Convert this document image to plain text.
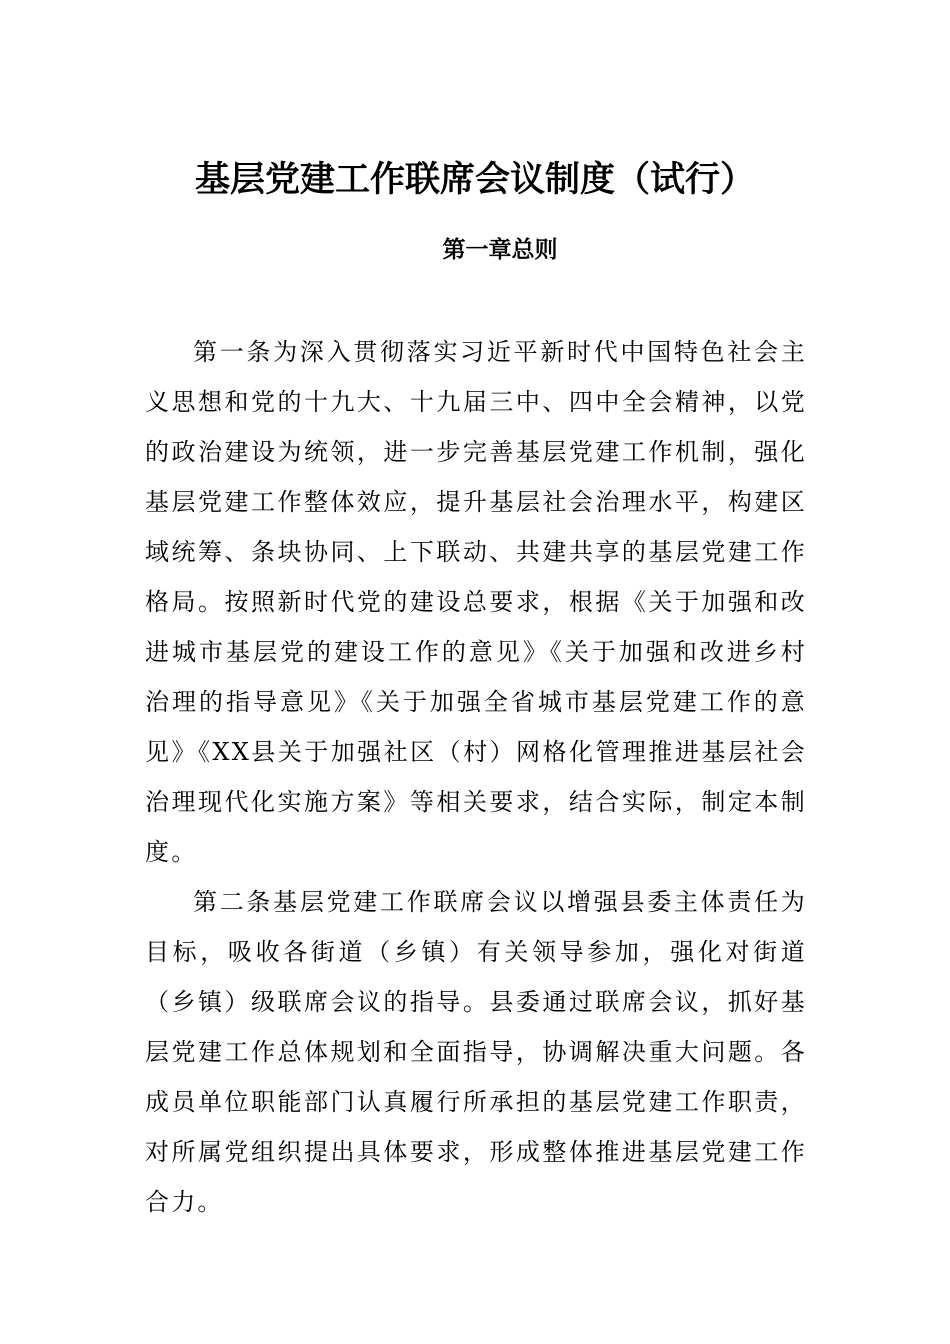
基层党建工作联席会议制度（试行）
第一章总则

第一条为深入贯彻落实习近平新时代中国特色社会主义思想和党的十九大、十九届三中、四中全会精神，以党的政治建设为统领，进一步完善基层党建工作机制，强化基层党建工作整体效应，提升基层社会治理水平，构建区域统筹、条块协同、上下联动、共建共享的基层党建工作格局。按照新时代党的建设总要求，根据《关于加强和改进城市基层党的建设工作的意见》《关于加强和改进乡村治理的指导意见》《关于加强全省城市基层党建工作的意见》《XX县关于加强社区（村）网格化管理推进基层社会治理现代化实施方案》等相关要求，结合实际，制定本制度。

第二条基层党建工作联席会议以增强县委主体责任为目标，吸收各街道（乡镇）有关领导参加，强化对街道（乡镇）级联席会议的指导。县委通过联席会议，抓好基层党建工作总体规划和全面指导，协调解决重大问题。各成员单位职能部门认真履行所承担的基层党建工作职责，对所属党组织提出具体要求，形成整体推进基层党建工作合力。
